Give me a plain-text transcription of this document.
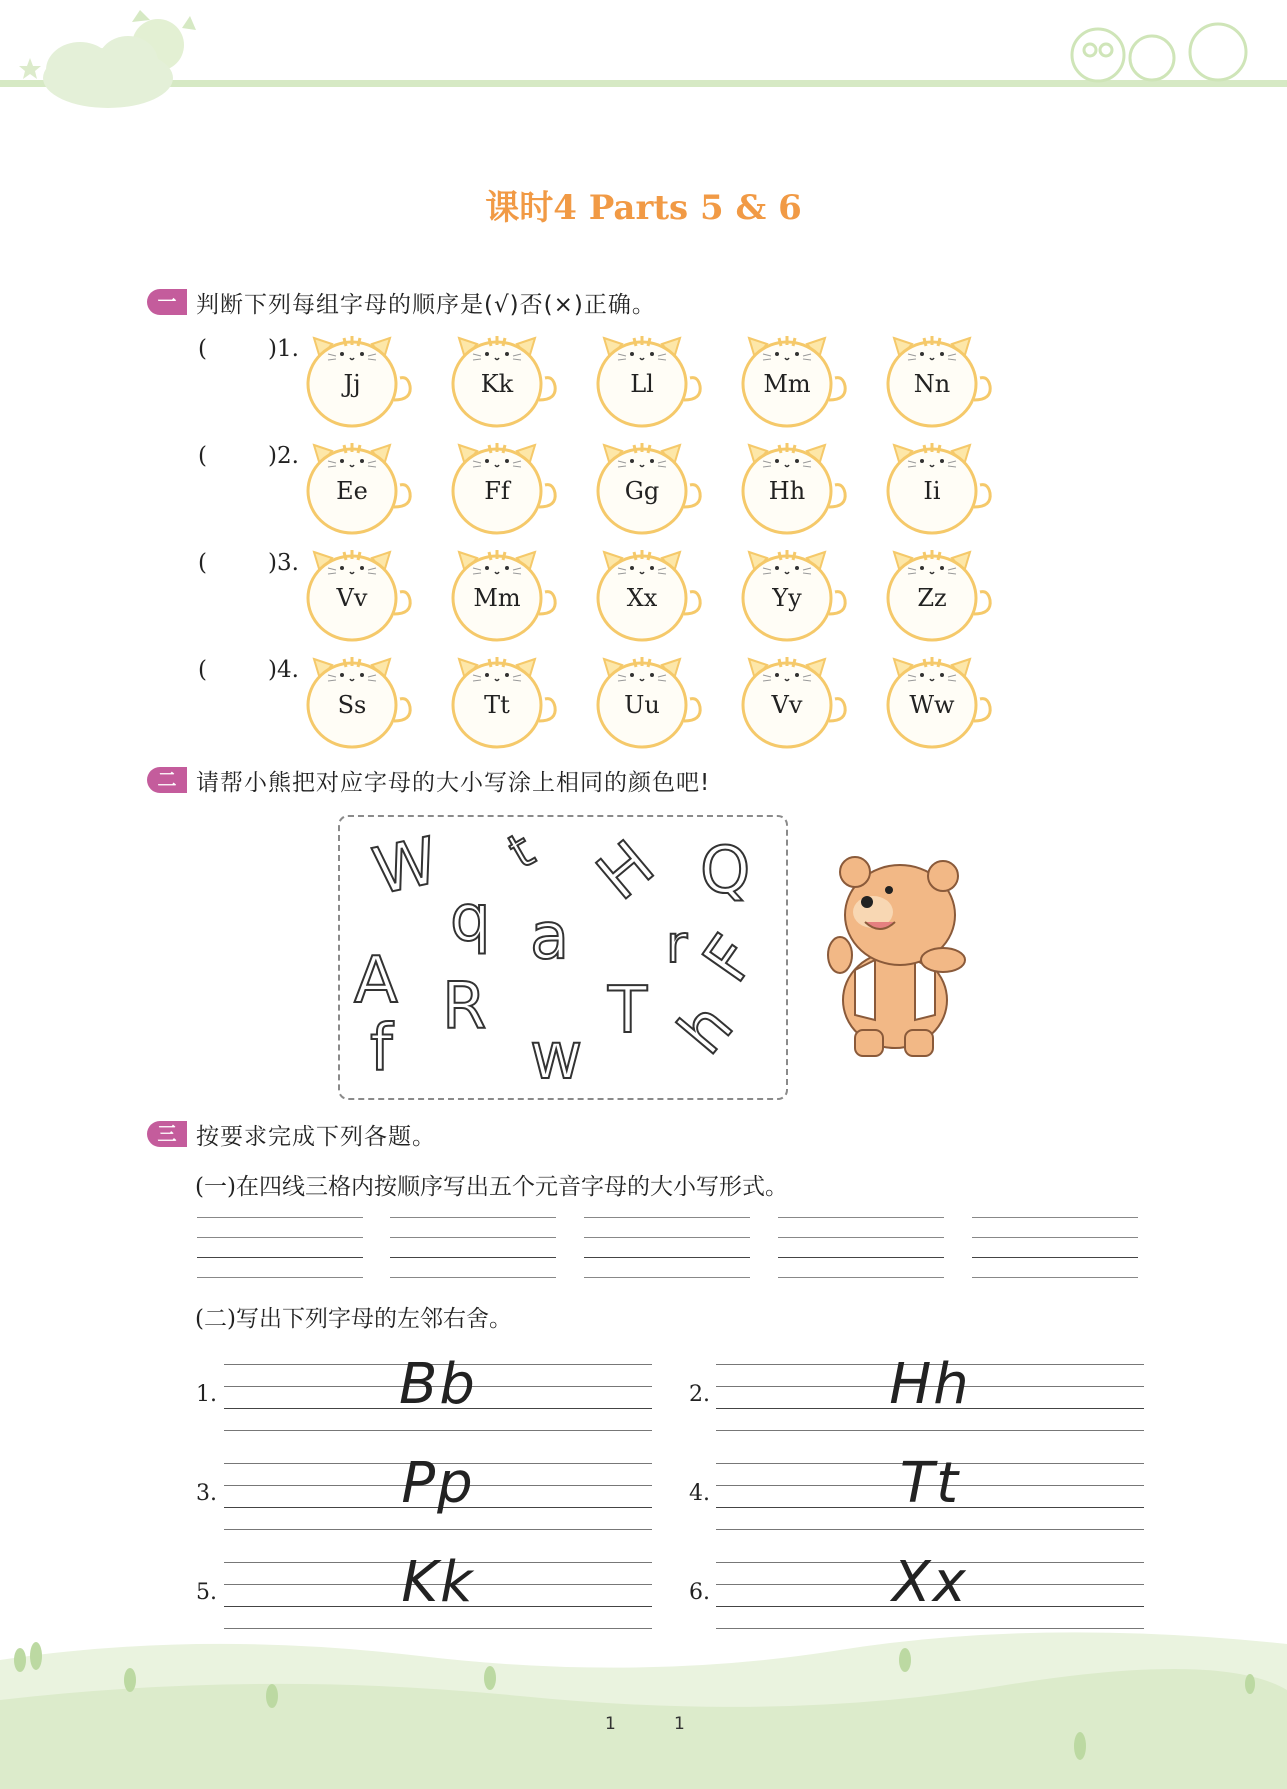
课时4 Parts 5 & 6
一 判断下列每组字母的顺序是(√)否(×)正确。
(	)1.
Jj	Kk	Ll	Mm	Nn
(	)2.
Ee	Ff	Gg	Hh	Ii
(	)3.
Vv	Mm	Xx	Yy	Zz
(	)4.
Ss	Tt	Uu	Vv	Ww
二 请帮小熊把对应字母的大小写涂上相同的颜色吧!
W t H Q
q a r F
A R T h
f w
三 按要求完成下列各题。
(一)在四线三格内按顺序写出五个元音字母的大小写形式。
(二)写出下列字母的左邻右舍。
1.	Bb	2.	Hh
3.	Pp	4.	Tt
5.	Kk	6.	Xx
1	1
